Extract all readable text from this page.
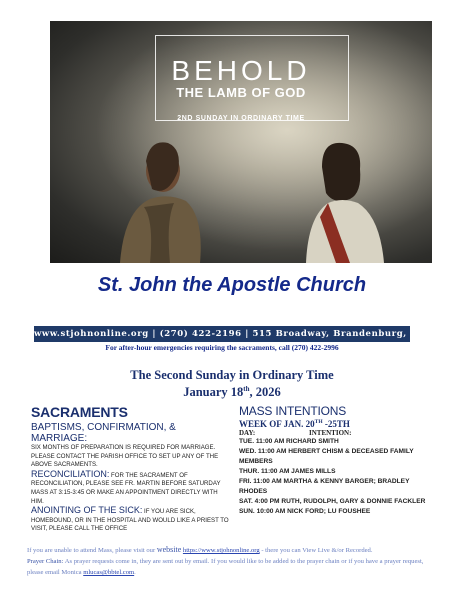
BEHOLD
THE LAMB OF GOD
2ND SUNDAY IN ORDINARY TIME
St. John the Apostle Church
www.stjohnonline.org | (270) 422-2196 | 515 Broadway, Brandenburg, KY 40108
For after-hour emergencies requiring the sacraments, call (270) 422-2996
The Second Sunday in Ordinary Time
January 18th, 2026
SACRAMENTS
BAPTISMS, CONFIRMATION, & MARRIAGE:
SIX MONTHS OF PREPARATION IS REQUIRED FOR MARRIAGE. PLEASE CONTACT THE PARISH OFFICE TO SET UP ANY OF THE ABOVE SACRAMENTS.
RECONCILIATION: FOR THE SACRAMENT OF RECONCILIATION, PLEASE SEE FR. MARTIN BEFORE SATURDAY MASS AT 3:15-3:45 OR MAKE AN APPOINTMENT DIRECTLY WITH HIM.
ANOINTING OF THE SICK: IF YOU ARE SICK, HOMEBOUND, OR IN THE HOSPITAL AND WOULD LIKE A PRIEST TO VISIT, PLEASE CALL THE OFFICE
MASS INTENTIONS
WEEK OF JAN. 20TH -25TH
DAY:	INTENTION:
TUE. 11:00 AM RICHARD SMITH
WED. 11:00 AM HERBERT CHISM & DECEASED FAMILY MEMBERS
THUR. 11:00 AM JAMES MILLS
FRI. 11:00 AM MARTHA & KENNY BARGER; BRADLEY RHODES
SAT. 4:00 PM RUTH, RUDOLPH, GARY & DONNIE FACKLER
SUN. 10:00 AM NICK FORD; LU FOUSHEE
If you are unable to attend Mass, please visit our website https://www.stjohnonline.org - there you can View Live &/or Recorded.
Prayer Chain: As prayer requests come in, they are sent out by email. If you would like to be added to the prayer chain or if you have a prayer request, please email Monica mlucas@bbtel.com.
